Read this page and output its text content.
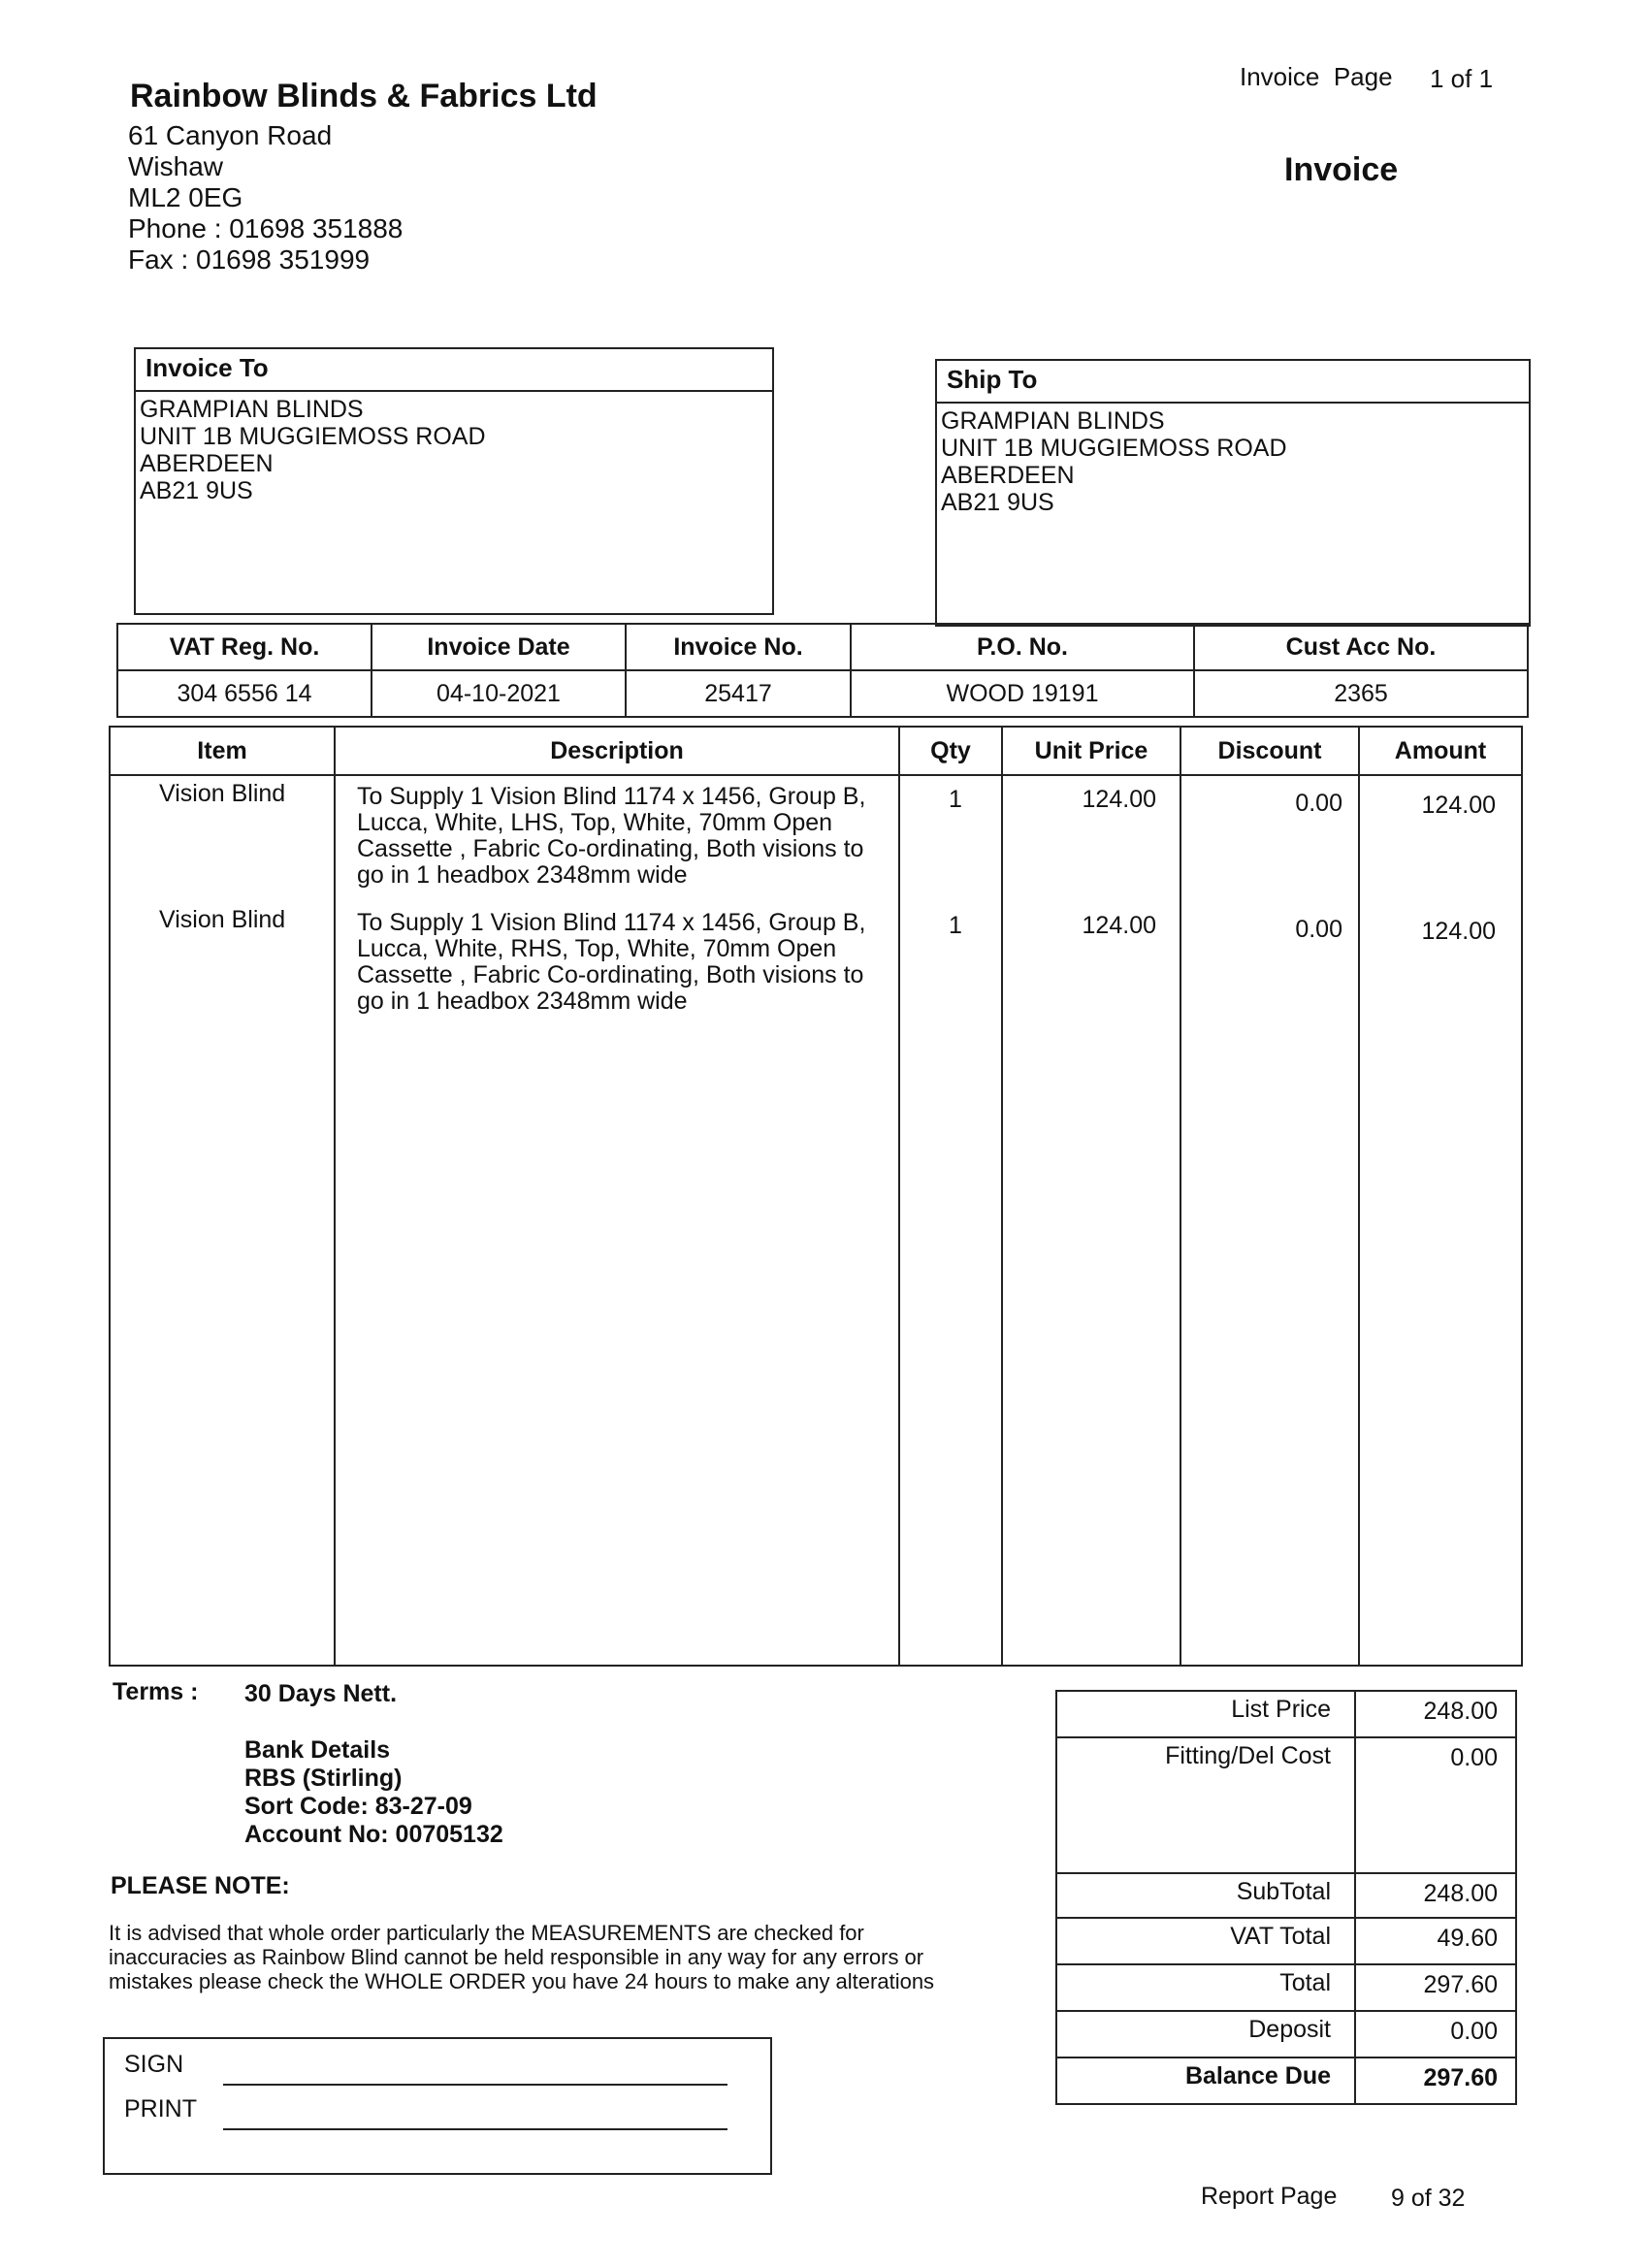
Rainbow Blinds & Fabrics Ltd
61 Canyon Road
Wishaw
ML2 0EG
Phone : 01698 351888
Fax : 01698 351999
Invoice  Page 1 of 1
Invoice
Invoice To
GRAMPIAN BLINDS
UNIT 1B MUGGIEMOSS ROAD
ABERDEEN
AB21 9US
Ship To
GRAMPIAN BLINDS
UNIT 1B MUGGIEMOSS ROAD
ABERDEEN
AB21 9US
VAT Reg. No.	Invoice Date	Invoice No.	P.O. No.	Cust Acc No.
304 6556 14	04-10-2021	25417	WOOD 19191	2365
Item	Description	Qty	Unit Price	Discount	Amount
Vision Blind	To Supply 1 Vision Blind 1174 x 1456, Group B,
Lucca, White, LHS, Top, White, 70mm Open
Cassette , Fabric Co-ordinating, Both visions to
go in 1 headbox 2348mm wide
1	124.00	0.00	124.00
Vision Blind	To Supply 1 Vision Blind 1174 x 1456, Group B,
Lucca, White, RHS, Top, White, 70mm Open
Cassette , Fabric Co-ordinating, Both visions to
go in 1 headbox 2348mm wide
1	124.00	0.00	124.00
Terms : 30 Days Nett.
Bank Details
RBS (Stirling)
Sort Code: 83-27-09
Account No: 00705132
PLEASE NOTE:
It is advised that whole order particularly the MEASUREMENTS are checked for
inaccuracies as Rainbow Blind cannot be held responsible in any way for any errors or
mistakes please check the WHOLE ORDER you have 24 hours to make any alterations
SIGN
PRINT
List Price	248.00
Fitting/Del Cost	0.00
SubTotal	248.00
VAT Total	49.60
Total	297.60
Deposit	0.00
Balance Due	297.60
Report Page 9 of 32
